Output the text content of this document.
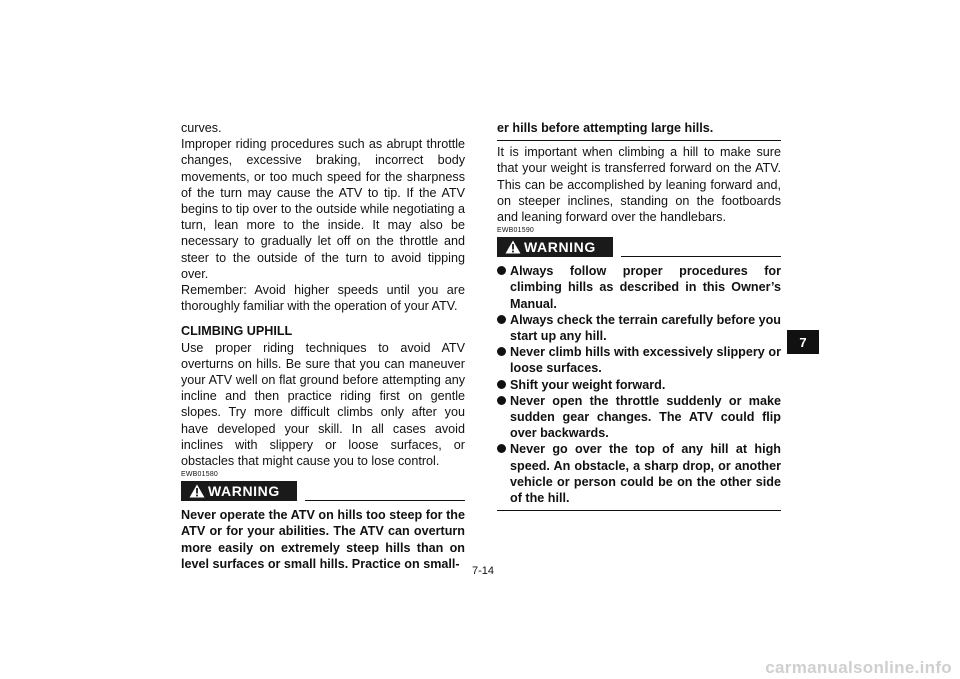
curves.

Improper riding procedures such as abrupt throttle changes, excessive braking, incorrect body movements, or too much speed for the sharpness of the turn may cause the ATV to tip. If the ATV begins to tip over to the outside while negotiating a turn, lean more to the inside. It may also be necessary to gradually let off on the throttle and steer to the outside of the turn to avoid tipping over.

Remember: Avoid higher speeds until you are thoroughly familiar with the operation of your ATV.

CLIMBING UPHILL

Use proper riding techniques to avoid ATV overturns on hills. Be sure that you can maneuver your ATV well on flat ground before attempting any incline and then practice riding first on gentle slopes. Try more difficult climbs only after you have developed your skill. In all cases avoid inclines with slippery or loose surfaces, or obstacles that might cause you to lose control.

EWB01580

WARNING

Never operate the ATV on hills too steep for the ATV or for your abilities. The ATV can overturn more easily on extremely steep hills than on level surfaces or small hills. Practice on small-

er hills before attempting large hills.

It is important when climbing a hill to make sure that your weight is transferred forward on the ATV. This can be accomplished by leaning forward and, on steeper inclines, standing on the footboards and leaning forward over the handlebars.

EWB01590

WARNING
Always follow proper procedures for climbing hills as described in this Owner’s Manual.
Always check the terrain carefully before you start up any hill.
Never climb hills with excessively slippery or loose surfaces.
Shift your weight forward.
Never open the throttle suddenly or make sudden gear changes. The ATV could flip over backwards.
Never go over the top of any hill at high speed. An obstacle, a sharp drop, or another vehicle or person could be on the other side of the hill.
7
7-14
carmanualsonline.info
